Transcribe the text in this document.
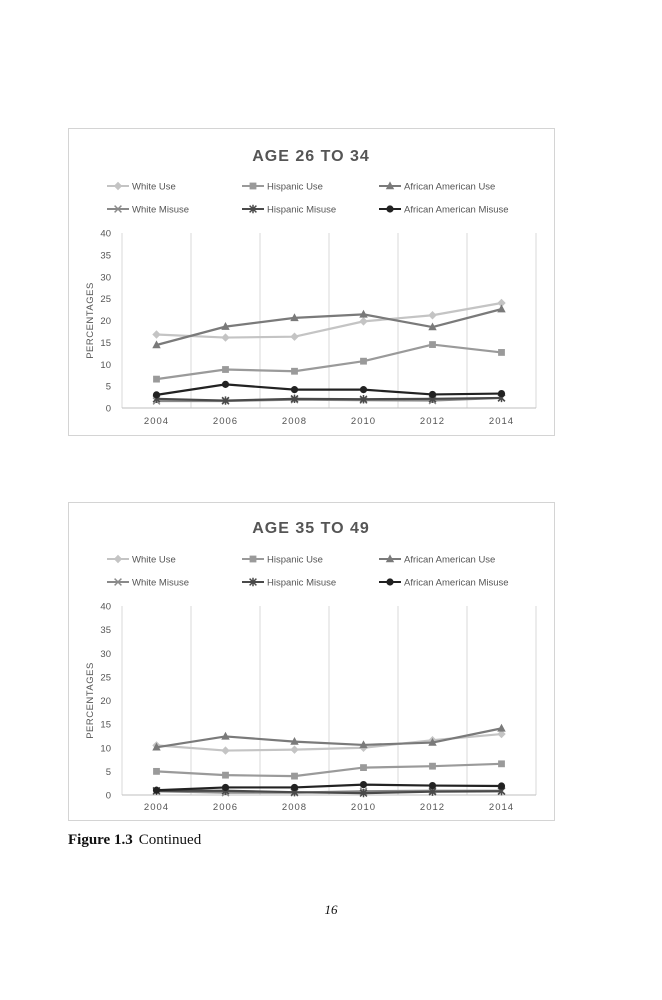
AGE 26 TO 34
White Use	Hispanic Use	African American Use
White Misuse	Hispanic Misuse	African American Misuse
0
5
10
15
20
25
30
35
40
PERCENTAGES
2004	2006	2008	2010	2012	2014
AGE 35 TO 49
White Use	Hispanic Use	African American Use
White Misuse	Hispanic Misuse	African American Misuse
0
5
10
15
20
25
30
35
40
PERCENTAGES
2004	2006	2008	2010	2012	2014
Figure 1.3 Continued
16
